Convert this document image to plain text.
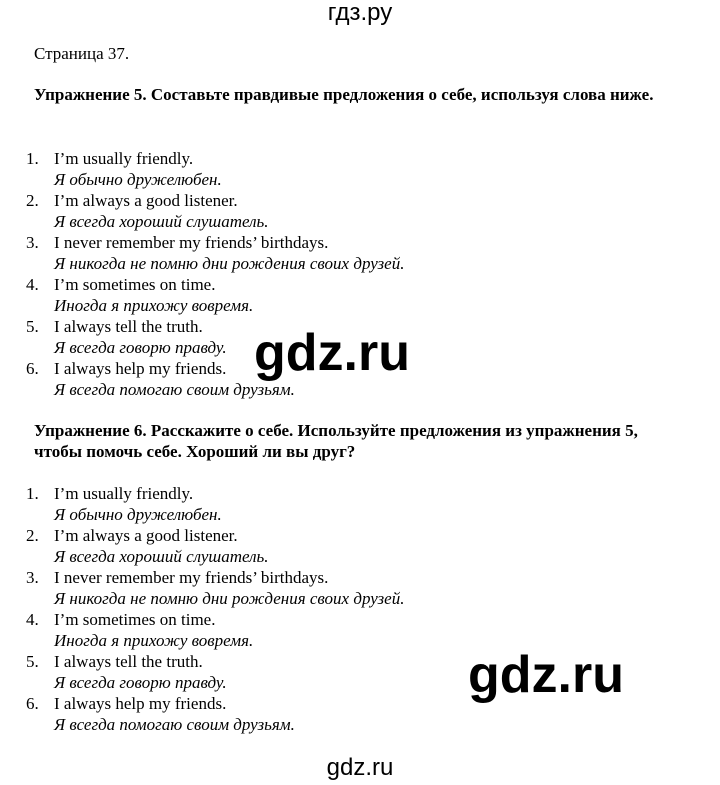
гдз.ру
Страница 37.
Упражнение 5. Составьте правдивые предложения о себе, используя слова ниже.
1. I’m usually friendly.
Я обычно дружелюбен.
2. I’m always a good listener.
Я всегда хороший слушатель.
3. I never remember my friends’ birthdays.
Я никогда не помню дни рождения своих друзей.
4. I’m sometimes on time.
Иногда я прихожу вовремя.
5. I always tell the truth.
Я всегда говорю правду.
6. I always help my friends.
Я всегда помогаю своим друзьям.
Упражнение 6. Расскажите о себе. Используйте предложения из упражнения 5, чтобы помочь себе. Хороший ли вы друг?
1. I’m usually friendly.
Я обычно дружелюбен.
2. I’m always a good listener.
Я всегда хороший слушатель.
3. I never remember my friends’ birthdays.
Я никогда не помню дни рождения своих друзей.
4. I’m sometimes on time.
Иногда я прихожу вовремя.
5. I always tell the truth.
Я всегда говорю правду.
6. I always help my friends.
Я всегда помогаю своим друзьям.
gdz.ru
gdz.ru
gdz.ru
